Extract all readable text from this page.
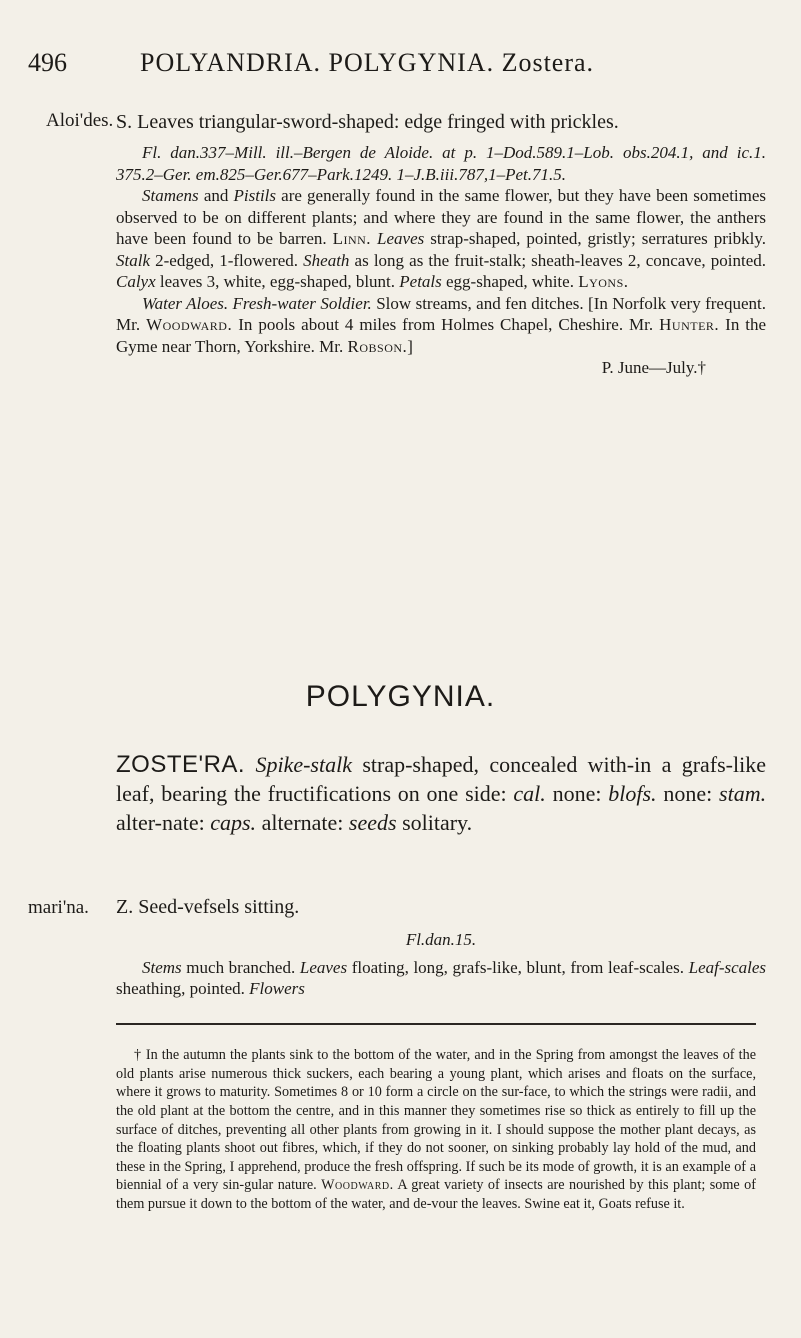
496	POLYANDRIA. POLYGYNIA. Zostera.
Aloi'des. S. Leaves triangular-sword-shaped: edge fringed with prickles.

Fl. dan.337–Mill. ill.–Bergen de Aloide. at p. 1–Dod.589.1–Lob. obs.204.1, and ic.1. 375.2–Ger. em.825–Ger.677–Park.1249. 1–J.B.iii.787,1–Pet.71.5.

Stamens and Pistils are generally found in the same flower, but they have been sometimes observed to be on different plants; and where they are found in the same flower, the anthers have been found to be barren. Linn. Leaves strap-shaped, pointed, gristly; serratures pribkly. Stalk 2-edged, 1-flowered. Sheath as long as the fruit-stalk; sheath-leaves 2, concave, pointed. Calyx leaves 3, white, egg-shaped, blunt. Petals egg-shaped, white. Lyons.

Water Aloes. Fresh-water Soldier. Slow streams, and fen ditches. [In Norfolk very frequent. Mr. Woodward. In pools about 4 miles from Holmes Chapel, Cheshire. Mr. Hunter. In the Gyme near Thorn, Yorkshire. Mr. Robson.]

P. June—July.†

POLYGYNIA.
ZOSTE'RA. Spike-stalk strap-shaped, concealed with-in a grafs-like leaf, bearing the fructifications on one side: cal. none: blofs. none: stam. alter-nate: caps. alternate: seeds solitary.
mari'na. Z. Seed-vefsels sitting.

Fl.dan.15.

Stems much branched. Leaves floating, long, grafs-like, blunt, from leaf-scales. Leaf-scales sheathing, pointed. Flowers

† In the autumn the plants sink to the bottom of the water, and in the Spring from amongst the leaves of the old plants arise numerous thick suckers, each bearing a young plant, which arises and floats on the surface, where it grows to maturity. Sometimes 8 or 10 form a circle on the sur-face, to which the strings were radii, and the old plant at the bottom the centre, and in this manner they sometimes rise so thick as entirely to fill up the surface of ditches, preventing all other plants from growing in it. I should suppose the mother plant decays, as the floating plants shoot out fibres, which, if they do not sooner, on sinking probably lay hold of the mud, and these in the Spring, I apprehend, produce the fresh offspring. If such be its mode of growth, it is an example of a biennial of a very sin-gular nature. Woodward. A great variety of insects are nourished by this plant; some of them pursue it down to the bottom of the water, and de-vour the leaves. Swine eat it, Goats refuse it.
